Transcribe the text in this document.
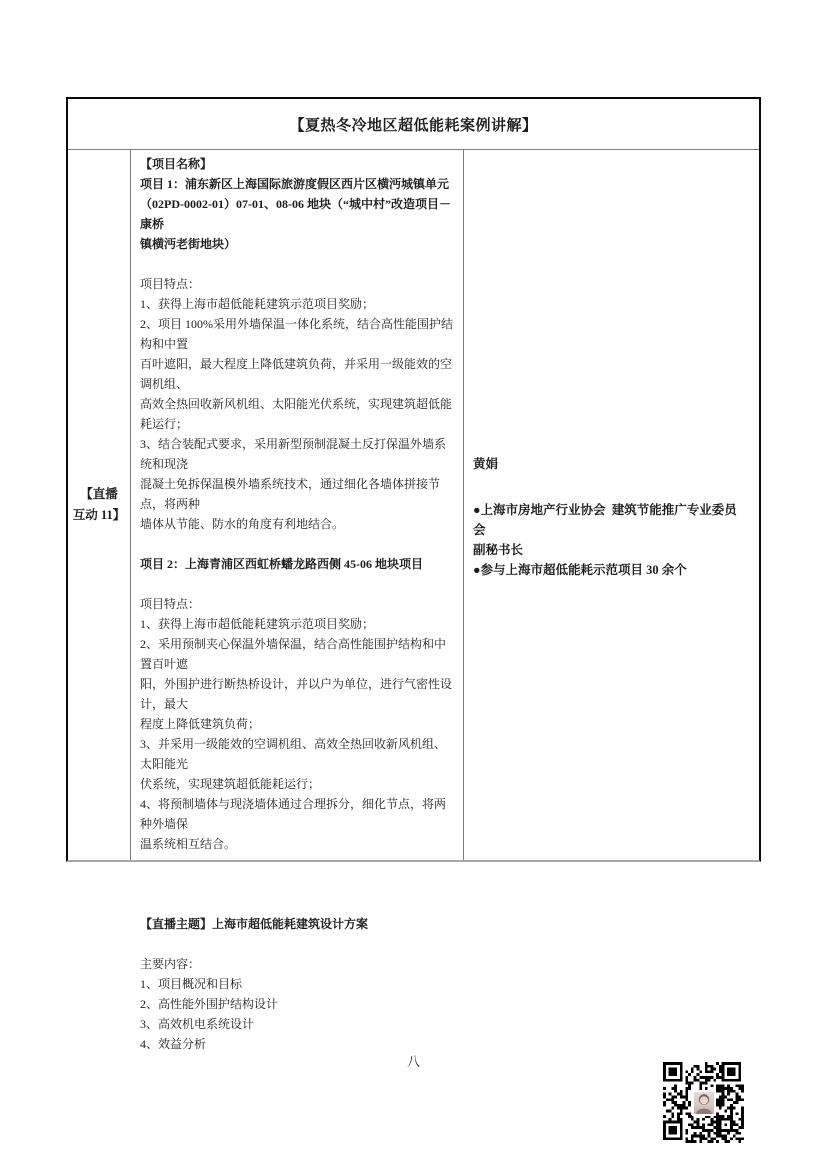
【夏热冬冷地区超低能耗案例讲解】
【直播
互动 11】
【项目名称】
项目 1：浦东新区上海国际旅游度假区西片区横沔城镇单元
（02PD-0002-01）07-01、08-06 地块（“城中村”改造项目－康桥
镇横沔老街地块）

项目特点：
1、获得上海市超低能耗建筑示范项目奖励；
2、项目 100%采用外墙保温一体化系统，结合高性能围护结构和中置
百叶遮阳，最大程度上降低建筑负荷，并采用一级能效的空调机组、
高效全热回收新风机组、太阳能光伏系统，实现建筑超低能耗运行；
3、结合装配式要求，采用新型预制混凝土反打保温外墙系统和现浇
混凝土免拆保温模外墙系统技术，通过细化各墙体拼接节点，将两种
墙体从节能、防水的角度有利地结合。

项目 2：上海青浦区西虹桥蟠龙路西侧 45-06 地块项目

项目特点：
1、获得上海市超低能耗建筑示范项目奖励；
2、采用预制夹心保温外墙保温，结合高性能围护结构和中置百叶遮
阳，外围护进行断热桥设计，并以户为单位，进行气密性设计，最大
程度上降低建筑负荷；
3、并采用一级能效的空调机组、高效全热回收新风机组、太阳能光
伏系统，实现建筑超低能耗运行；
4、将预制墙体与现浇墙体通过合理拆分，细化节点，将两种外墙保
温系统相互结合。

【直播主题】上海市超低能耗建筑设计方案

主要内容：
1、项目概况和目标
2、高性能外围护结构设计
3、高效机电系统设计
4、效益分析
黄娟
●上海市房地产行业协会  建筑节能推广专业委员会
副秘书长
●参与上海市超低能耗示范项目 30 余个
八
